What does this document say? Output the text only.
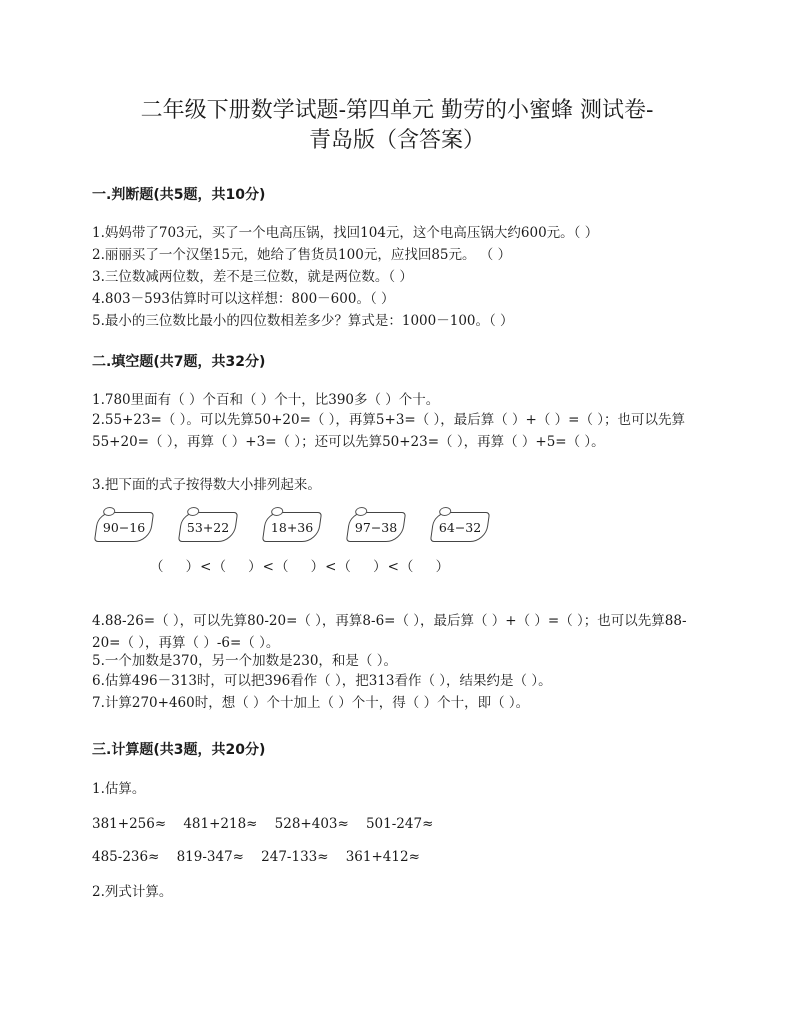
二年级下册数学试题-第四单元 勤劳的小蜜蜂 测试卷-
青岛版（含答案）
一.判断题(共5题，共10分)
1.妈妈带了703元，买了一个电高压锅，找回104元，这个电高压锅大约600元。（ ）
2.丽丽买了一个汉堡15元，她给了售货员100元，应找回85元。 （ ）
3.三位数减两位数，差不是三位数，就是两位数。（ ）
4.803－593估算时可以这样想：800－600。（ ）
5.最小的三位数比最小的四位数相差多少？算式是：1000－100。（ ）
二.填空题(共7题，共32分)
1.780里面有（ ）个百和（ ）个十，比390多（ ）个十。
2.55+23=（ ）。可以先算50+20=（ ），再算5+3=（ ），最后算（ ）+（ ）=（ ）；也可以先算55+20=（ ），再算（ ）+3=（ ）；还可以先算50+23=（ ），再算（ ）+5=（ ）。
3.把下面的式子按得数大小排列起来。
90−16	53+22	18+36	97−38	64−32
（    ）<（    ）<（    ）<（    ）<（    ）
4.88-26=（ ），可以先算80-20=（ ），再算8-6=（ ），最后算（ ）+（ ）=（ ）；也可以先算88-20=（ ），再算（ ）-6=（ ）。
5.一个加数是370，另一个加数是230，和是（ ）。
6.估算496－313时，可以把396看作（ ），把313看作（ ），结果约是（ ）。
7.计算270+460时，想（ ）个十加上（ ）个十，得（ ）个十，即（ ）。
三.计算题(共3题，共20分)
1.估算。
381+256≈    481+218≈    528+403≈    501-247≈
485-236≈    819-347≈    247-133≈    361+412≈
2.列式计算。
